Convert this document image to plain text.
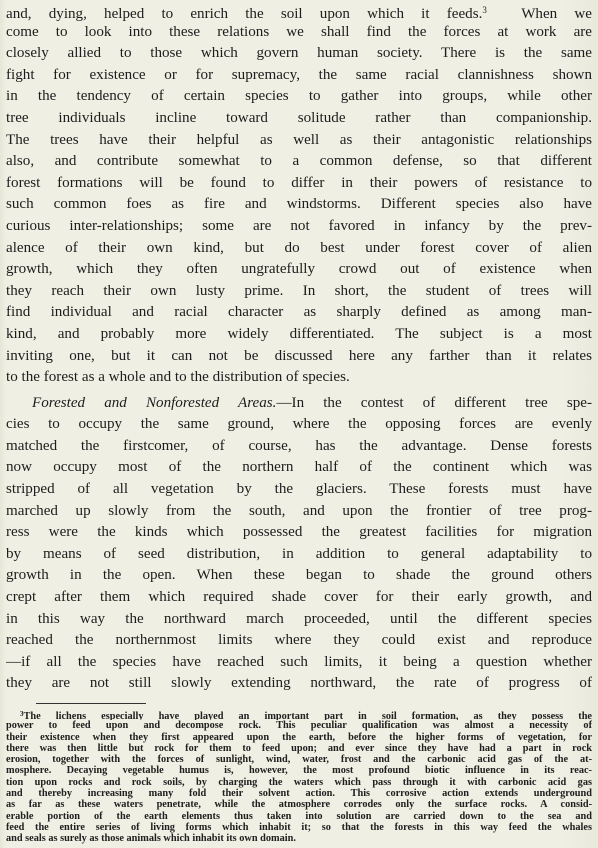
and, dying, helped to enrich the soil upon which it feeds.$^3$ When we
come to look into these relations we shall find the forces at work are
closely allied to those which govern human society. There is the same
fight for existence or for supremacy, the same racial clannishness shown
in the tendency of certain species to gather into groups, while other
tree individuals incline toward solitude rather than companionship.
The trees have their helpful as well as their antagonistic relationships
also, and contribute somewhat to a common defense, so that different
forest formations will be found to differ in their powers of resistance to
such common foes as fire and windstorms. Different species also have
curious inter-relationships; some are not favored in infancy by the prev-
alence of their own kind, but do best under forest cover of alien
growth, which they often ungratefully crowd out of existence when
they reach their own lusty prime. In short, the student of trees will
find individual and racial character as sharply defined as among man-
kind, and probably more widely differentiated. The subject is a most
inviting one, but it can not be discussed here any farther than it relates
to the forest as a whole and to the distribution of species.
Forested and Nonforested Areas.—In the contest of different tree spe-
cies to occupy the same ground, where the opposing forces are evenly
matched the firstcomer, of course, has the advantage. Dense forests
now occupy most of the northern half of the continent which was
stripped of all vegetation by the glaciers. These forests must have
marched up slowly from the south, and upon the frontier of tree prog-
ress were the kinds which possessed the greatest facilities for migration
by means of seed distribution, in addition to general adaptability to
growth in the open. When these began to shade the ground others
crept after them which required shade cover for their early growth, and
in this way the northward march proceeded, until the different species
reached the northernmost limits where they could exist and reproduce
—if all the species have reached such limits, it being a question whether
they are not still slowly extending northward, the rate of progress of
$^3$The lichens especially have played an important part in soil formation, as they possess the
power to feed upon and decompose rock. This peculiar qualification was almost a necessity of
their existence when they first appeared upon the earth, before the higher forms of vegetation, for
there was then little but rock for them to feed upon; and ever since they have had a part in rock
erosion, together with the forces of sunlight, wind, water, frost and the carbonic acid gas of the at-
mosphere. Decaying vegetable humus is, however, the most profound biotic influence in its reac-
tion upon rocks and rock soils, by charging the waters which pass through it with carbonic acid gas
and thereby increasing many fold their solvent action. This corrosive action extends underground
as far as these waters penetrate, while the atmosphere corrodes only the surface rocks. A consid-
erable portion of the earth elements thus taken into solution are carried down to the sea and
feed the entire series of living forms which inhabit it; so that the forests in this way feed the whales
and seals as surely as those animals which inhabit its own domain.
